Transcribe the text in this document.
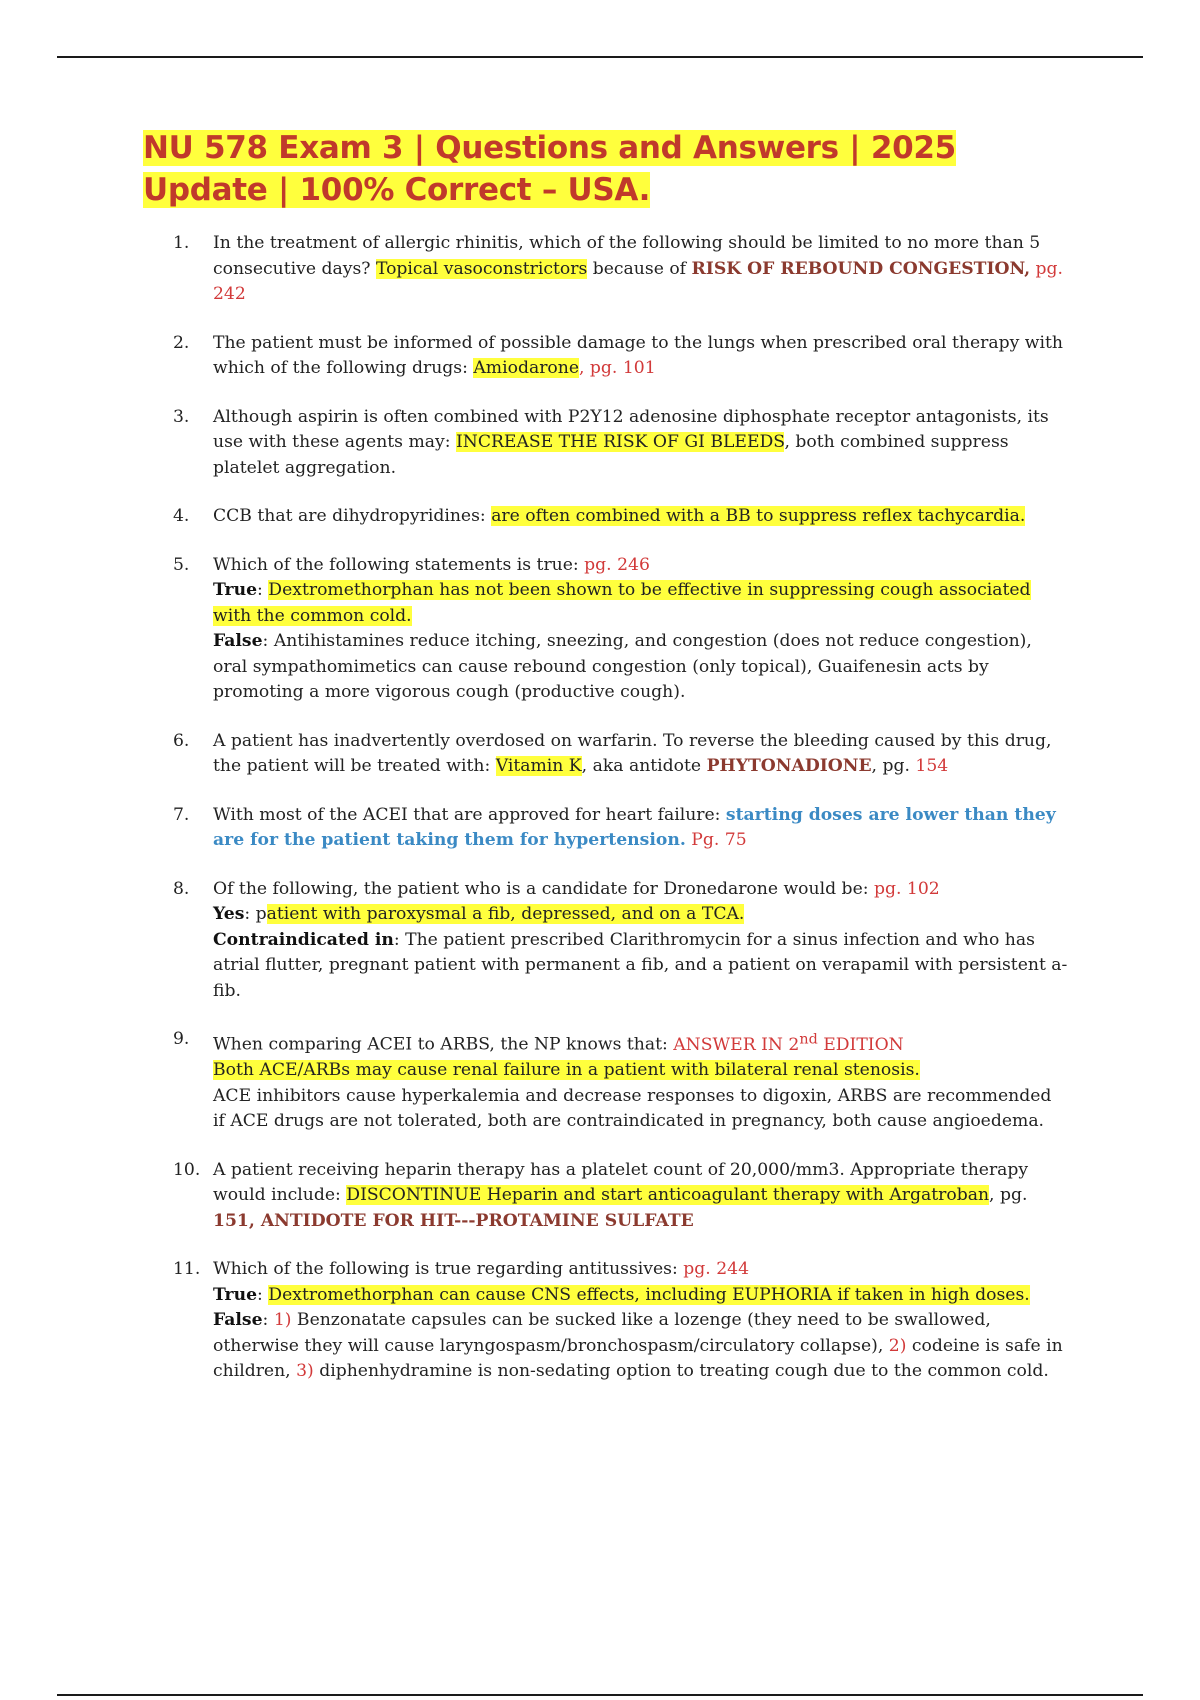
NU 578 Exam 3 | Questions and Answers | 2025 Update | 100% Correct – USA.
1.	In the treatment of allergic rhinitis, which of the following should be limited to no more than 5 consecutive days? Topical vasoconstrictors because of RISK OF REBOUND CONGESTION, pg. 242
2.	The patient must be informed of possible damage to the lungs when prescribed oral therapy with which of the following drugs: Amiodarone, pg. 101
3.	Although aspirin is often combined with P2Y12 adenosine diphosphate receptor antagonists, its use with these agents may: INCREASE THE RISK OF GI BLEEDS, both combined suppress platelet aggregation.
4.	CCB that are dihydropyridines: are often combined with a BB to suppress reflex tachycardia.
5.	Which of the following statements is true: pg. 246
True: Dextromethorphan has not been shown to be effective in suppressing cough associated with the common cold.
False: Antihistamines reduce itching, sneezing, and congestion (does not reduce congestion), oral sympathomimetics can cause rebound congestion (only topical), Guaifenesin acts by promoting a more vigorous cough (productive cough).
6.	A patient has inadvertently overdosed on warfarin. To reverse the bleeding caused by this drug, the patient will be treated with: Vitamin K, aka antidote PHYTONADIONE, pg. 154
7.	With most of the ACEI that are approved for heart failure: starting doses are lower than they are for the patient taking them for hypertension. Pg. 75
8.	Of the following, the patient who is a candidate for Dronedarone would be: pg. 102
Yes: patient with paroxysmal a fib, depressed, and on a TCA.
Contraindicated in: The patient prescribed Clarithromycin for a sinus infection and who has atrial flutter, pregnant patient with permanent a fib, and a patient on verapamil with persistent a-fib.
9.	When comparing ACEI to ARBS, the NP knows that: ANSWER IN 2nd EDITION
Both ACE/ARBs may cause renal failure in a patient with bilateral renal stenosis.
ACE inhibitors cause hyperkalemia and decrease responses to digoxin, ARBS are recommended if ACE drugs are not tolerated, both are contraindicated in pregnancy, both cause angioedema.
10. A patient receiving heparin therapy has a platelet count of 20,000/mm3. Appropriate therapy would include: DISCONTINUE Heparin and start anticoagulant therapy with Argatroban, pg. 151, ANTIDOTE FOR HIT---PROTAMINE SULFATE
11. Which of the following is true regarding antitussives: pg. 244
True: Dextromethorphan can cause CNS effects, including EUPHORIA if taken in high doses.
False: 1) Benzonatate capsules can be sucked like a lozenge (they need to be swallowed, otherwise they will cause laryngospasm/bronchospasm/circulatory collapse), 2) codeine is safe in children, 3) diphenhydramine is non-sedating option to treating cough due to the common cold.
